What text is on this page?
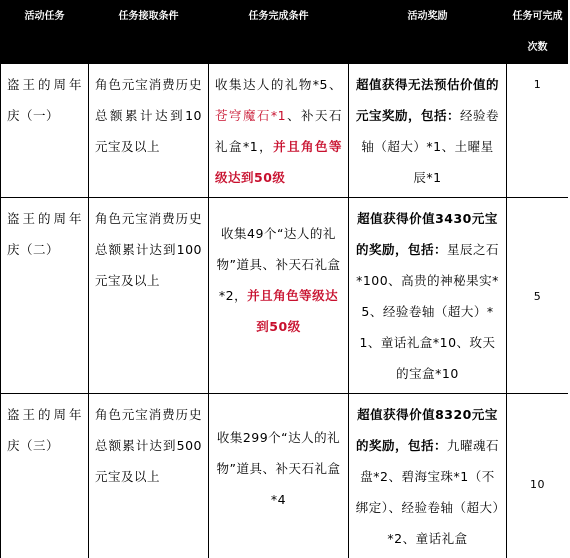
活动任务	任务接取条件	任务完成条件	活动奖励	任务可完成次数

盗王的周年庆（一）	角色元宝消费历史总额累计达到10元宝及以上	收集达人的礼物*5、苍穹魔石*1、补天石礼盒*1，并且角色等级达到50级	超值获得无法预估价值的元宝奖励，包括：经验卷轴（超大）*1、土曜星辰*1	1

盗王的周年庆（二）	角色元宝消费历史总额累计达到100元宝及以上	收集49个“达人的礼物”道具、补天石礼盒*2，并且角色等级达到50级	超值获得价值3430元宝的奖励，包括：星辰之石*100、高贵的神秘果实*5、经验卷轴（超大）*1、童话礼盒*10、玫天的宝盒*10	5

盗王的周年庆（三）	角色元宝消费历史总额累计达到500元宝及以上	收集299个“达人的礼物”道具、补天石礼盒*4	超值获得价值8320元宝的奖励，包括：九曜魂石盘*2、碧海宝珠*1（不绑定）、经验卷轴（超大）*2、童话礼盒	10
